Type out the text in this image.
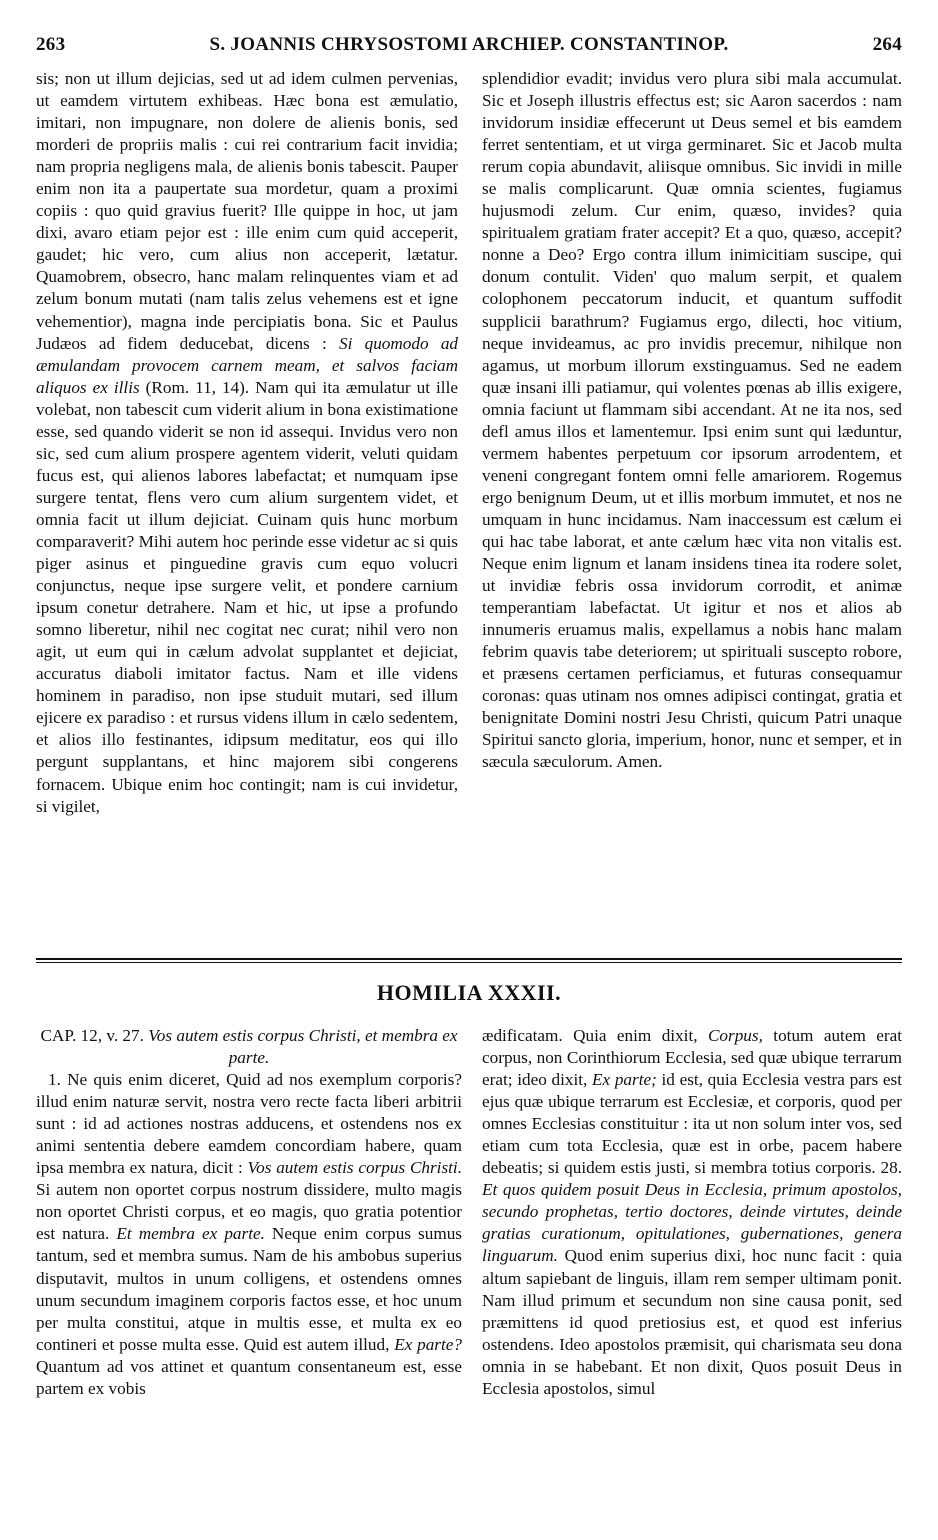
263	S. JOANNIS CHRYSOSTOMI ARCHIEP. CONSTANTINOP.	264

sis; non ut illum dejicias, sed ut ad idem culmen pervenias, ut eamdem virtutem exhibeas. Hæc bona est æmulatio, imitari, non impugnare, non dolere de alienis bonis, sed morderi de propriis malis : cui rei contrarium facit invidia; nam propria negligens mala, de alienis bonis tabescit. Pauper enim non ita a paupertate sua mordetur, quam a proximi copiis : quo quid gravius fuerit? Ille quippe in hoc, ut jam dixi, avaro etiam pejor est : ille enim cum quid acceperit, gaudet; hic vero, cum alius non acceperit, lætatur. Quamobrem, obsecro, hanc malam relinquentes viam et ad zelum bonum mutati (nam talis zelus vehemens est et igne vehementior), magna inde percipiatis bona. Sic et Paulus Judæos ad fidem deducebat, dicens : Si quomodo ad æmulandam provocem carnem meam, et salvos faciam aliquos ex illis (Rom. 11, 14). Nam qui ita æmulatur ut ille volebat, non tabescit cum viderit alium in bona existimatione esse, sed quando viderit se non id assequi. Invidus vero non sic, sed cum alium prospere agentem viderit, veluti quidam fucus est, qui alienos labores labefactat; et numquam ipse surgere tentat, flens vero cum alium surgentem videt, et omnia facit ut illum dejiciat. Cuinam quis hunc morbum comparaverit? Mihi autem hoc perinde esse videtur ac si quis piger asinus et pinguedine gravis cum equo volucri conjunctus, neque ipse surgere velit, et pondere carnium ipsum conetur detrahere. Nam et hic, ut ipse a profundo somno liberetur, nihil nec cogitat nec curat; nihil vero non agit, ut eum qui in cælum advolat supplantet et dejiciat, accuratus diaboli imitator factus. Nam et ille videns hominem in paradiso, non ipse studuit mutari, sed illum ejicere ex paradiso : et rursus videns illum in cælo sedentem, et alios illo festinantes, idipsum meditatur, eos qui illo pergunt supplantans, et hinc majorem sibi congerens fornacem. Ubique enim hoc contingit; nam is cui invidetur, si vigilet,

splendidior evadit; invidus vero plura sibi mala accumulat. Sic et Joseph illustris effectus est; sic Aaron sacerdos : nam invidorum insidiæ effecerunt ut Deus semel et bis eamdem ferret sententiam, et ut virga germinaret. Sic et Jacob multa rerum copia abundavit, aliisque omnibus. Sic invidi in mille se malis complicarunt. Quæ omnia scientes, fugiamus hujusmodi zelum. Cur enim, quæso, invides? quia spiritualem gratiam frater accepit? Et a quo, quæso, accepit? nonne a Deo? Ergo contra illum inimicitiam suscipe, qui donum contulit. Viden' quo malum serpit, et qualem colophonem peccatorum inducit, et quantum suffodit supplicii barathrum? Fugiamus ergo, dilecti, hoc vitium, neque invideamus, ac pro invidis precemur, nihilque non agamus, ut morbum illorum exstinguamus. Sed ne eadem quæ insani illi patiamur, qui volentes pœnas ab illis exigere, omnia faciunt ut flammam sibi accendant. At ne ita nos, sed defl amus illos et lamentemur. Ipsi enim sunt qui læduntur, vermem habentes perpetuum cor ipsorum arrodentem, et veneni congregant fontem omni felle amariorem. Rogemus ergo benignum Deum, ut et illis morbum immutet, et nos ne umquam in hunc incidamus. Nam inaccessum est cælum ei qui hac tabe laborat, et ante cælum hæc vita non vitalis est. Neque enim lignum et lanam insidens tinea ita rodere solet, ut invidiæ febris ossa invidorum corrodit, et animæ temperantiam labefactat. Ut igitur et nos et alios ab innumeris eruamus malis, expellamus a nobis hanc malam febrim quavis tabe deteriorem; ut spirituali suscepto robore, et præsens certamen perficiamus, et futuras consequamur coronas: quas utinam nos omnes adipisci contingat, gratia et benignitate Domini nostri Jesu Christi, quicum Patri unaque Spiritui sancto gloria, imperium, honor, nunc et semper, et in sæcula sæculorum. Amen.

HOMILIA XXXII.

CAP. 12, v. 27. Vos autem estis corpus Christi, et membra ex parte.

1. Ne quis enim diceret, Quid ad nos exemplum corporis? illud enim naturæ servit, nostra vero recte facta liberi arbitrii sunt : id ad actiones nostras adducens, et ostendens nos ex animi sententia debere eamdem concordiam habere, quam ipsa membra ex natura, dicit : Vos autem estis corpus Christi. Si autem non oportet corpus nostrum dissidere, multo magis non oportet Christi corpus, et eo magis, quo gratia potentior est natura. Et membra ex parte. Neque enim corpus sumus tantum, sed et membra sumus. Nam de his ambobus superius disputavit, multos in unum colligens, et ostendens omnes unum secundum imaginem corporis factos esse, et hoc unum per multa constitui, atque in multis esse, et multa ex eo contineri et posse multa esse. Quid est autem illud, Ex parte? Quantum ad vos attinet et quantum consentaneum est, esse partem ex vobis

ædificatam. Quia enim dixit, Corpus, totum autem erat corpus, non Corinthiorum Ecclesia, sed quæ ubique terrarum erat; ideo dixit, Ex parte; id est, quia Ecclesia vestra pars est ejus quæ ubique terrarum est Ecclesiæ, et corporis, quod per omnes Ecclesias constituitur : ita ut non solum inter vos, sed etiam cum tota Ecclesia, quæ est in orbe, pacem habere debeatis; si quidem estis justi, si membra totius corporis. 28. Et quos quidem posuit Deus in Ecclesia, primum apostolos, secundo prophetas, tertio doctores, deinde virtutes, deinde gratias curationum, opitulationes, gubernationes, genera linguarum. Quod enim superius dixi, hoc nunc facit : quia altum sapiebant de linguis, illam rem semper ultimam ponit. Nam illud primum et secundum non sine causa ponit, sed præmittens id quod pretiosius est, et quod est inferius ostendens. Ideo apostolos præmisit, qui charismata seu dona omnia in se habebant. Et non dixit, Quos posuit Deus in Ecclesia apostolos, simul
